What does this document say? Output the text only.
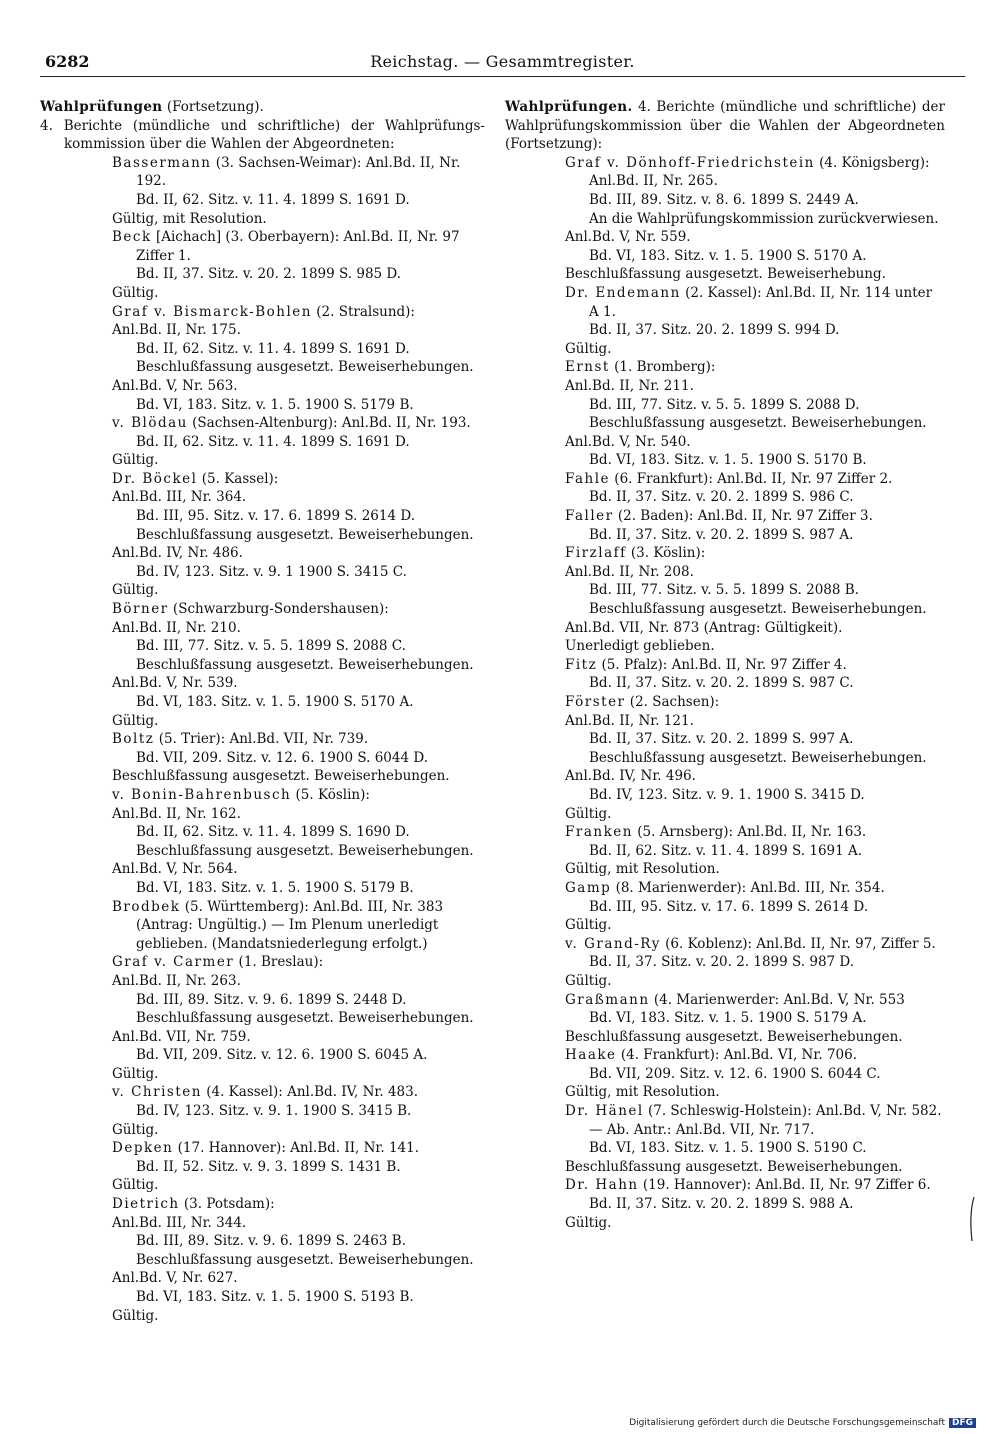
6282	Reichstag. — Gesammtregister.

Wahlprüfungen (Fortsetzung).

4. Berichte (mündliche und schriftliche) der Wahlprüfungs-kommission über die Wahlen der Abgeordneten:

Bassermann (3. Sachsen-Weimar): Anl.Bd. II, Nr. 192.

Bd. II, 62. Sitz. v. 11. 4. 1899 S. 1691 D.

Gültig, mit Resolution.

Beck [Aichach] (3. Oberbayern): Anl.Bd. II, Nr. 97 Ziffer 1.

Bd. II, 37. Sitz. v. 20. 2. 1899 S. 985 D.

Gültig.

Graf v. Bismarck-Bohlen (2. Stralsund):

Anl.Bd. II, Nr. 175.

Bd. II, 62. Sitz. v. 11. 4. 1899 S. 1691 D.

Beschlußfassung ausgesetzt. Beweiserhebungen.

Anl.Bd. V, Nr. 563.

Bd. VI, 183. Sitz. v. 1. 5. 1900 S. 5179 B.

v. Blödau (Sachsen-Altenburg): Anl.Bd. II, Nr. 193.

Bd. II, 62. Sitz. v. 11. 4. 1899 S. 1691 D.

Gültig.

Dr. Böckel (5. Kassel):

Anl.Bd. III, Nr. 364.

Bd. III, 95. Sitz. v. 17. 6. 1899 S. 2614 D.

Beschlußfassung ausgesetzt. Beweiserhebungen.

Anl.Bd. IV, Nr. 486.

Bd. IV, 123. Sitz. v. 9. 1 1900 S. 3415 C.

Gültig.

Börner (Schwarzburg-Sondershausen):

Anl.Bd. II, Nr. 210.

Bd. III, 77. Sitz. v. 5. 5. 1899 S. 2088 C.

Beschlußfassung ausgesetzt. Beweiserhebungen.

Anl.Bd. V, Nr. 539.

Bd. VI, 183. Sitz. v. 1. 5. 1900 S. 5170 A.

Gültig.

Boltz (5. Trier): Anl.Bd. VII, Nr. 739.

Bd. VII, 209. Sitz. v. 12. 6. 1900 S. 6044 D.

Beschlußfassung ausgesetzt. Beweiserhebungen.

v. Bonin-Bahrenbusch (5. Köslin):

Anl.Bd. II, Nr. 162.

Bd. II, 62. Sitz. v. 11. 4. 1899 S. 1690 D.

Beschlußfassung ausgesetzt. Beweiserhebungen.

Anl.Bd. V, Nr. 564.

Bd. VI, 183. Sitz. v. 1. 5. 1900 S. 5179 B.

Brodbek (5. Württemberg): Anl.Bd. III, Nr. 383 (Antrag: Ungültig.) — Im Plenum unerledigt geblieben. (Mandatsniederlegung erfolgt.)

Graf v. Carmer (1. Breslau):

Anl.Bd. II, Nr. 263.

Bd. III, 89. Sitz. v. 9. 6. 1899 S. 2448 D.

Beschlußfassung ausgesetzt. Beweiserhebungen.

Anl.Bd. VII, Nr. 759.

Bd. VII, 209. Sitz. v. 12. 6. 1900 S. 6045 A.

Gültig.

v. Christen (4. Kassel): Anl.Bd. IV, Nr. 483.

Bd. IV, 123. Sitz. v. 9. 1. 1900 S. 3415 B.

Gültig.

Depken (17. Hannover): Anl.Bd. II, Nr. 141.

Bd. II, 52. Sitz. v. 9. 3. 1899 S. 1431 B.

Gültig.

Dietrich (3. Potsdam):

Anl.Bd. III, Nr. 344.

Bd. III, 89. Sitz. v. 9. 6. 1899 S. 2463 B.

Beschlußfassung ausgesetzt. Beweiserhebungen.

Anl.Bd. V, Nr. 627.

Bd. VI, 183. Sitz. v. 1. 5. 1900 S. 5193 B.

Gültig.

Wahlprüfungen. 4. Berichte (mündliche und schriftliche) der Wahlprüfungskommission über die Wahlen der Abgeordneten (Fortsetzung):

Graf v. Dönhoff-Friedrichstein (4. Königsberg): Anl.Bd. II, Nr. 265.

Bd. III, 89. Sitz. v. 8. 6. 1899 S. 2449 A.

An die Wahlprüfungskommission zurückverwiesen.

Anl.Bd. V, Nr. 559.

Bd. VI, 183. Sitz. v. 1. 5. 1900 S. 5170 A.

Beschlußfassung ausgesetzt. Beweiserhebung.

Dr. Endemann (2. Kassel): Anl.Bd. II, Nr. 114 unter A 1.

Bd. II, 37. Sitz. 20. 2. 1899 S. 994 D.

Gültig.

Ernst (1. Bromberg):

Anl.Bd. II, Nr. 211.

Bd. III, 77. Sitz. v. 5. 5. 1899 S. 2088 D.

Beschlußfassung ausgesetzt. Beweiserhebungen.

Anl.Bd. V, Nr. 540.

Bd. VI, 183. Sitz. v. 1. 5. 1900 S. 5170 B.

Fahle (6. Frankfurt): Anl.Bd. II, Nr. 97 Ziffer 2.

Bd. II, 37. Sitz. v. 20. 2. 1899 S. 986 C.

Faller (2. Baden): Anl.Bd. II, Nr. 97 Ziffer 3.

Bd. II, 37. Sitz. v. 20. 2. 1899 S. 987 A.

Firzlaff (3. Köslin):

Anl.Bd. II, Nr. 208.

Bd. III, 77. Sitz. v. 5. 5. 1899 S. 2088 B.

Beschlußfassung ausgesetzt. Beweiserhebungen.

Anl.Bd. VII, Nr. 873 (Antrag: Gültigkeit).

Unerledigt geblieben.

Fitz (5. Pfalz): Anl.Bd. II, Nr. 97 Ziffer 4.

Bd. II, 37. Sitz. v. 20. 2. 1899 S. 987 C.

Förster (2. Sachsen):

Anl.Bd. II, Nr. 121.

Bd. II, 37. Sitz. v. 20. 2. 1899 S. 997 A.

Beschlußfassung ausgesetzt. Beweiserhebungen.

Anl.Bd. IV, Nr. 496.

Bd. IV, 123. Sitz. v. 9. 1. 1900 S. 3415 D.

Gültig.

Franken (5. Arnsberg): Anl.Bd. II, Nr. 163.

Bd. II, 62. Sitz. v. 11. 4. 1899 S. 1691 A.

Gültig, mit Resolution.

Gamp (8. Marienwerder): Anl.Bd. III, Nr. 354.

Bd. III, 95. Sitz. v. 17. 6. 1899 S. 2614 D.

Gültig.

v. Grand-Ry (6. Koblenz): Anl.Bd. II, Nr. 97, Ziffer 5.

Bd. II, 37. Sitz. v. 20. 2. 1899 S. 987 D.

Gültig.

Graßmann (4. Marienwerder: Anl.Bd. V, Nr. 553

Bd. VI, 183. Sitz. v. 1. 5. 1900 S. 5179 A.

Beschlußfassung ausgesetzt. Beweiserhebungen.

Haake (4. Frankfurt): Anl.Bd. VI, Nr. 706.

Bd. VII, 209. Sitz. v. 12. 6. 1900 S. 6044 C.

Gültig, mit Resolution.

Dr. Hänel (7. Schleswig-Holstein): Anl.Bd. V, Nr. 582. — Ab. Antr.: Anl.Bd. VII, Nr. 717.

Bd. VI, 183. Sitz. v. 1. 5. 1900 S. 5190 C.

Beschlußfassung ausgesetzt. Beweiserhebungen.

Dr. Hahn (19. Hannover): Anl.Bd. II, Nr. 97 Ziffer 6.

Bd. II, 37. Sitz. v. 20. 2. 1899 S. 988 A.

Gültig.

Digitalisierung gefördert durch die Deutsche Forschungsgemeinschaft DFG
